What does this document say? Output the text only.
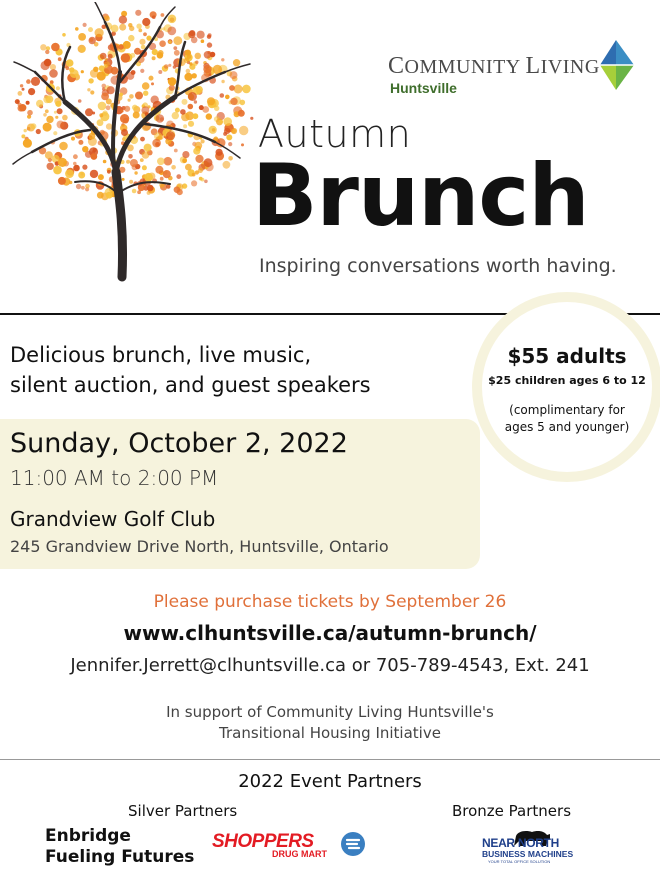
COMMUNITY LIVING
Huntsville
Autumn
Brunch
Inspiring conversations worth having.
Delicious brunch, live music,
silent auction, and guest speakers
Sunday, October 2, 2022
11:00 AM to 2:00 PM
Grandview Golf Club
245 Grandview Drive North, Huntsville, Ontario
$55 adults
$25 children ages 6 to 12
(complimentary for
ages 5 and younger)
Please purchase tickets by September 26
www.clhuntsville.ca/autumn-brunch/
Jennifer.Jerrett@clhuntsville.ca or 705-789-4543, Ext. 241
In support of Community Living Huntsville's
Transitional Housing Initiative
2022 Event Partners
Silver Partners	Bronze Partners
Enbridge
Fueling Futures
SHOPPERS
DRUG MART
NEAR NORTH
BUSINESS MACHINES
YOUR TOTAL OFFICE SOLUTION
